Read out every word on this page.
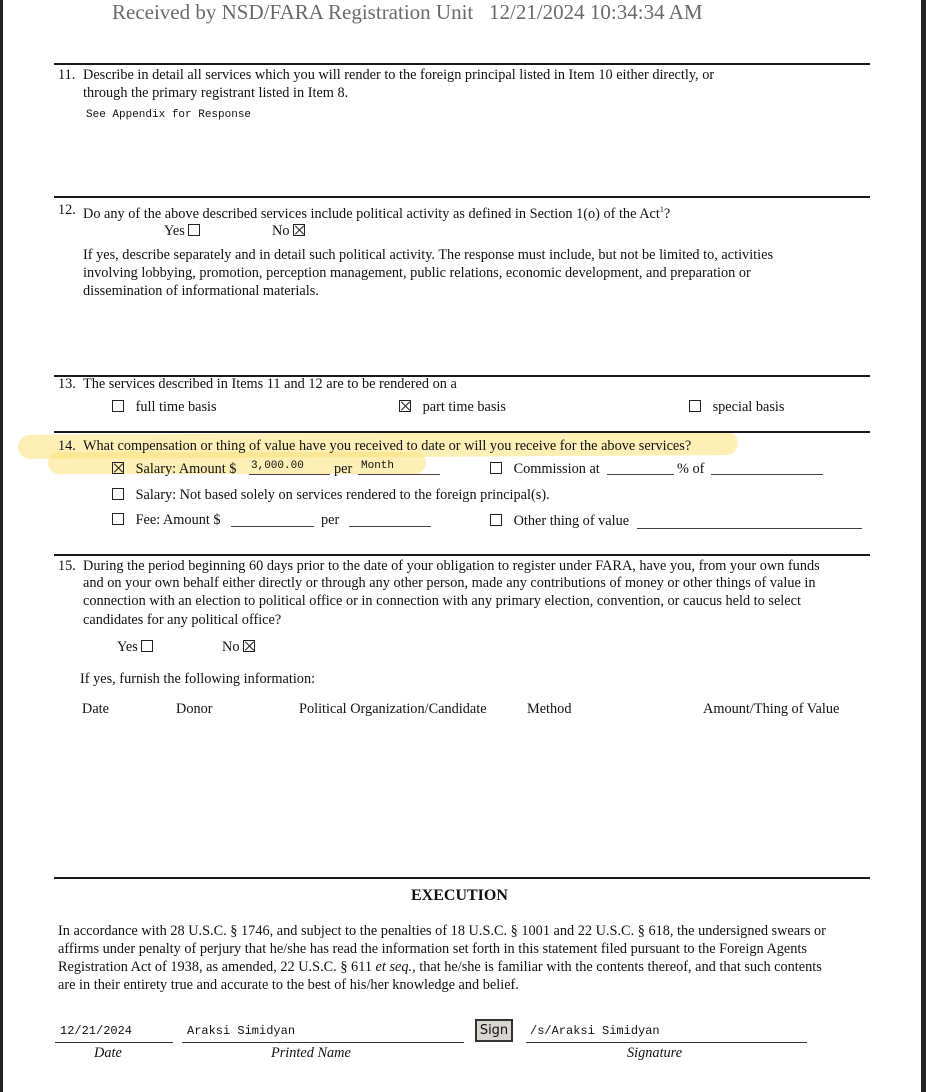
Received by NSD/FARA Registration Unit   12/21/2024 10:34:34 AM
11. Describe in detail all services which you will render to the foreign principal listed in Item 10 either directly, or
through the primary registrant listed in Item 8.
See Appendix for Response
12. Do any of the above described services include political activity as defined in Section 1(o) of the Act$^1$?
Yes	No
If yes, describe separately and in detail such political activity. The response must include, but not be limited to, activities
involving lobbying, promotion, perception management, public relations, economic development, and preparation or
dissemination of informational materials.
13. The services described in Items 11 and 12 are to be rendered on a
full time basis	part time basis	special basis
14. What compensation or thing of value have you received to date or will you receive for the above services?
Salary: Amount $ 3,000.00 per Month	Commission at	% of
Salary: Not based solely on services rendered to the foreign principal(s).
Fee: Amount $	per	Other thing of value
15. During the period beginning 60 days prior to the date of your obligation to register under FARA, have you, from your own funds
and on your own behalf either directly or through any other person, made any contributions of money or other things of value in
connection with an election to political office or in connection with any primary election, convention, or caucus held to select
candidates for any political office?
Yes	No
If yes, furnish the following information:
Date	Donor	Political Organization/Candidate	Method	Amount/Thing of Value
EXECUTION
In accordance with 28 U.S.C. § 1746, and subject to the penalties of 18 U.S.C. § 1001 and 22 U.S.C. § 618, the undersigned swears or
affirms under penalty of perjury that he/she has read the information set forth in this statement filed pursuant to the Foreign Agents
Registration Act of 1938, as amended, 22 U.S.C. § 611 et seq., that he/she is familiar with the contents thereof, and that such contents
are in their entirety true and accurate to the best of his/her knowledge and belief.
12/21/2024
Date
Araksi Simidyan
Printed Name
Sign	/s/Araksi Simidyan
Signature
